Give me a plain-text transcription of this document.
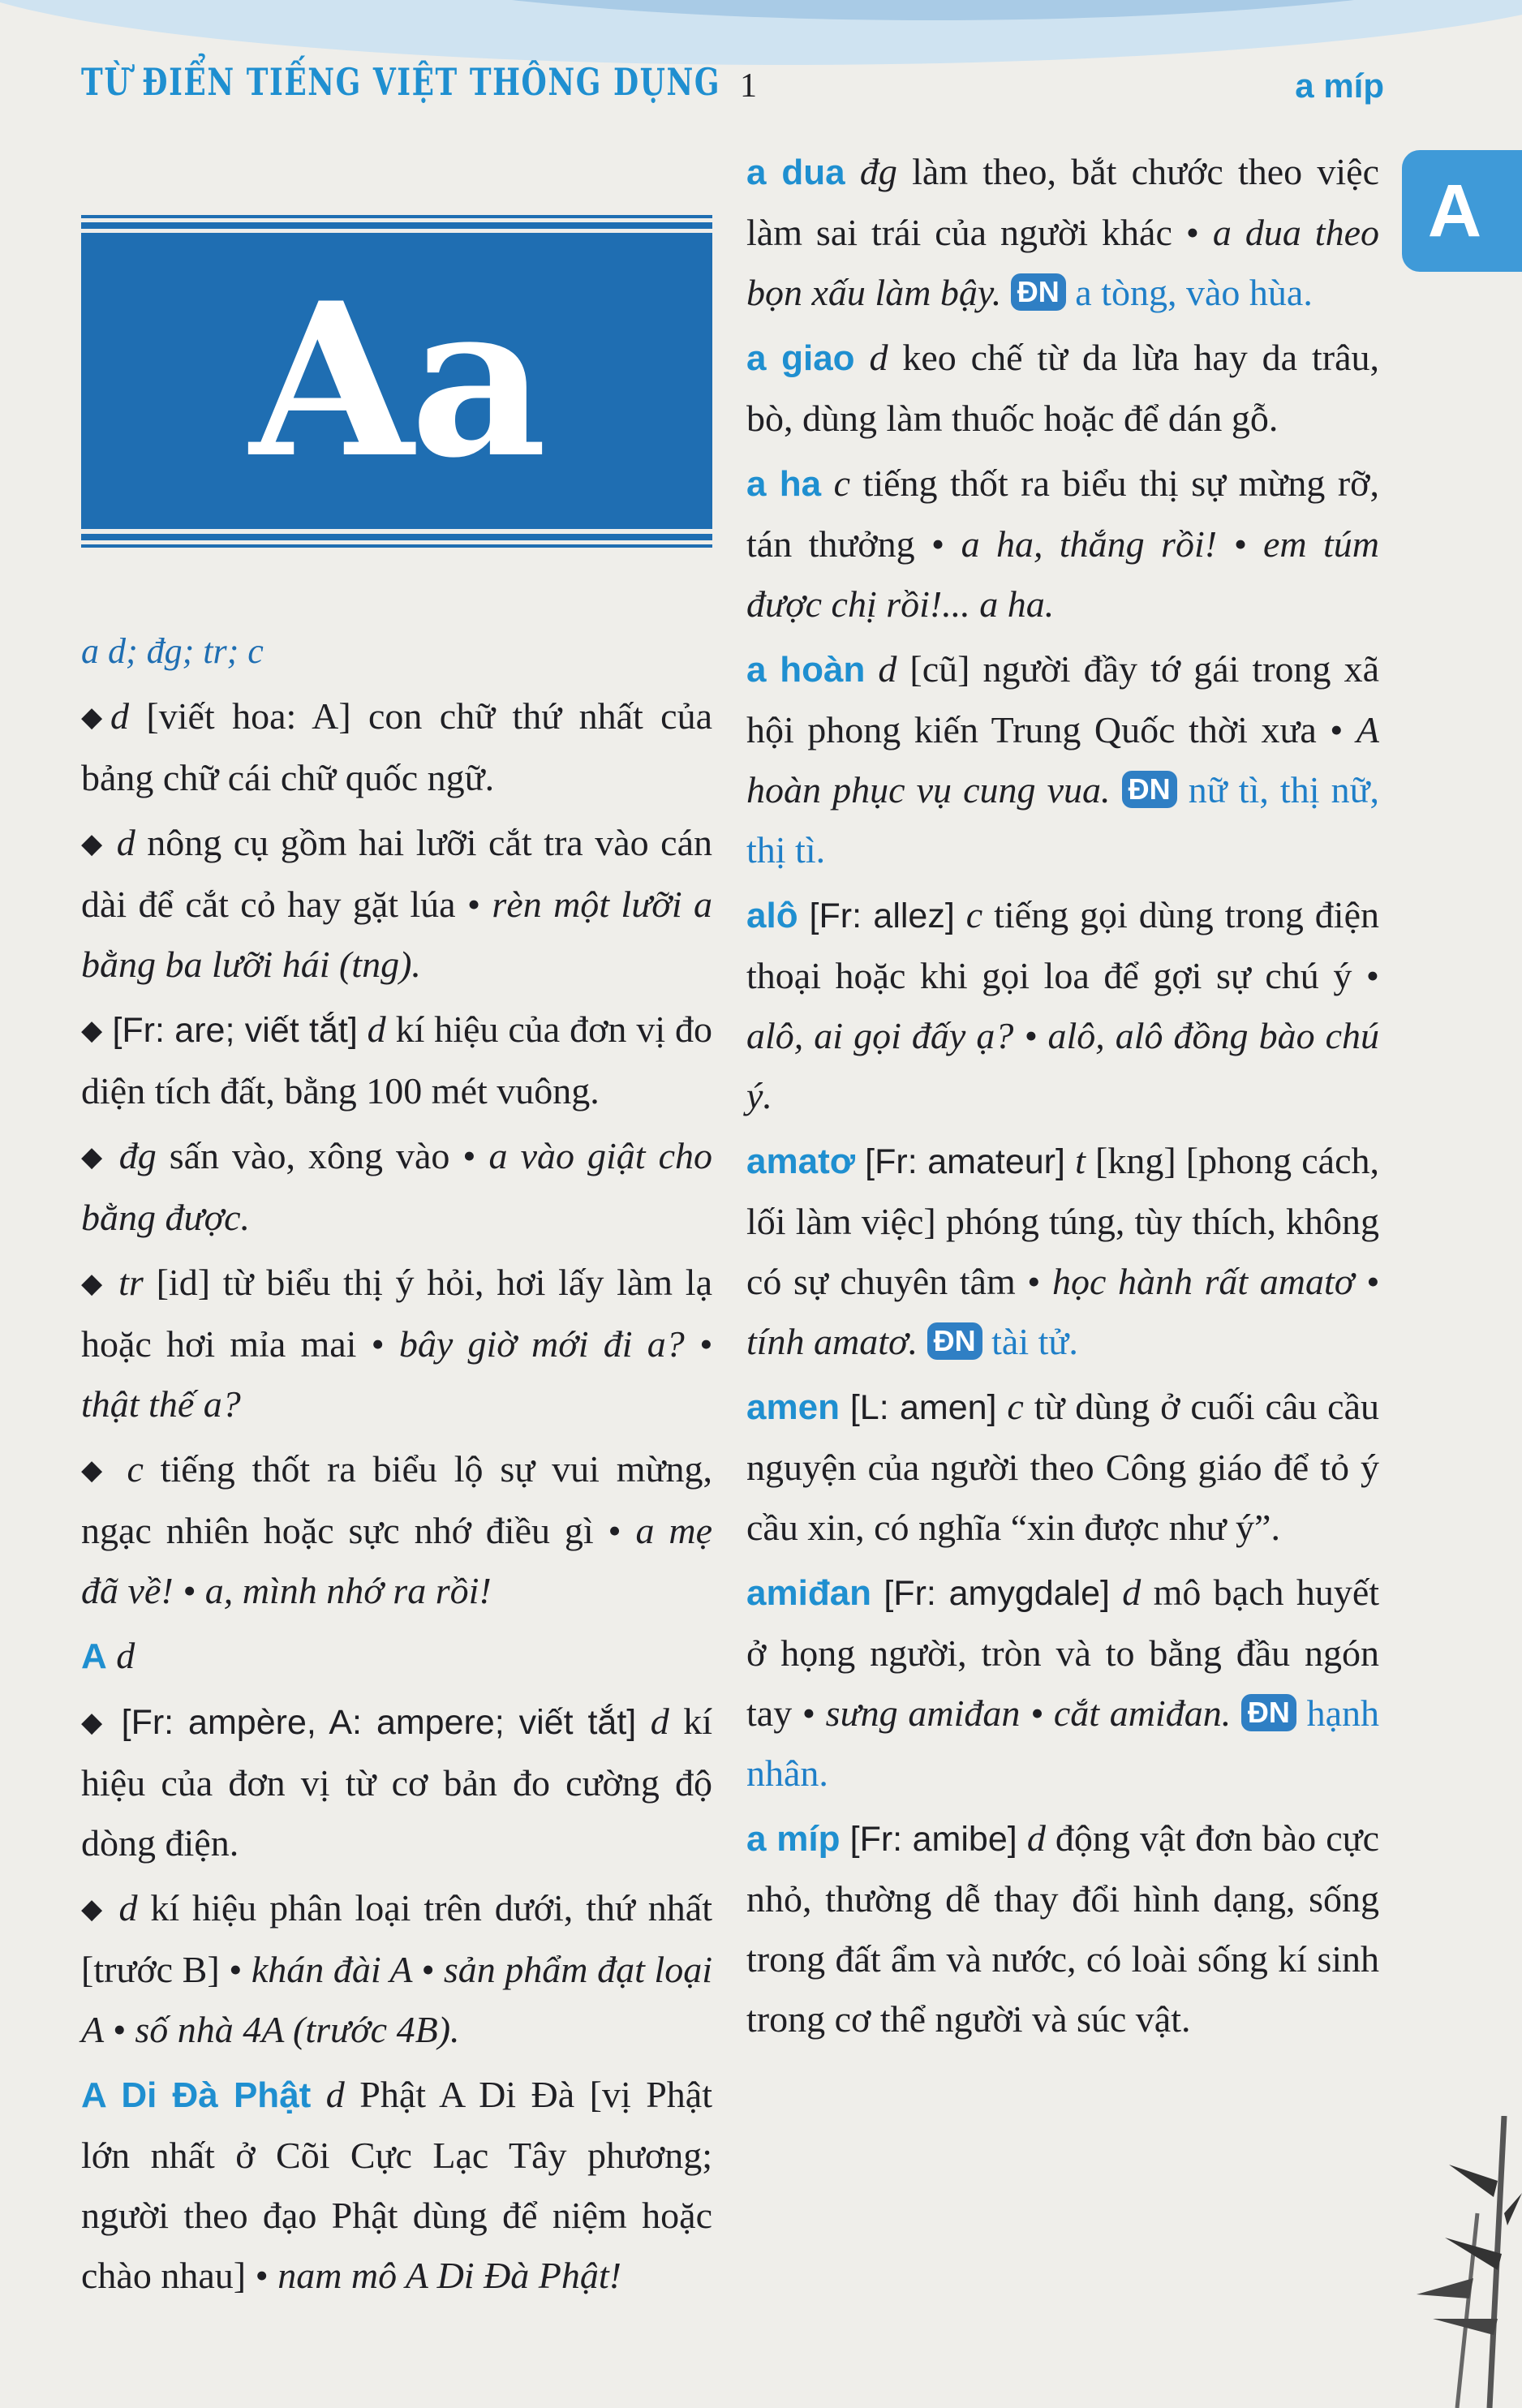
TỪ ĐIỂN TIẾNG VIỆT THÔNG DỤNG 1	a míp
A
Aa
a d; đg; tr; c
◆d [viết hoa: A] con chữ thứ nhất của bảng chữ cái chữ quốc ngữ.
◆ d nông cụ gồm hai lưỡi cắt tra vào cán dài để cắt cỏ hay gặt lúa • rèn một lưỡi a bằng ba lưỡi hái (tng).
◆ [Fr: are; viết tắt] d kí hiệu của đơn vị đo diện tích đất, bằng 100 mét vuông.
◆ đg sấn vào, xông vào • a vào giật cho bằng được.
◆ tr [id] từ biểu thị ý hỏi, hơi lấy làm lạ hoặc hơi mỉa mai • bây giờ mới đi a? • thật thế a?
◆ c tiếng thốt ra biểu lộ sự vui mừng, ngạc nhiên hoặc sực nhớ điều gì • a mẹ đã về! • a, mình nhớ ra rồi!
A d
◆ [Fr: ampère, A: ampere; viết tắt] d kí hiệu của đơn vị từ cơ bản đo cường độ dòng điện.
◆ d kí hiệu phân loại trên dưới, thứ nhất [trước B] • khán đài A • sản phẩm đạt loại A • số nhà 4A (trước 4B).
A Di Đà Phật d Phật A Di Đà [vị Phật lớn nhất ở Cõi Cực Lạc Tây phương; người theo đạo Phật dùng để niệm hoặc chào nhau] • nam mô A Di Đà Phật!
a dua đg làm theo, bắt chước theo việc làm sai trái của người khác • a dua theo bọn xấu làm bậy. ĐN a tòng, vào hùa.
a giao d keo chế từ da lừa hay da trâu, bò, dùng làm thuốc hoặc để dán gỗ.
a ha c tiếng thốt ra biểu thị sự mừng rỡ, tán thưởng • a ha, thắng rồi! • em túm được chị rồi!... a ha.
a hoàn d [cũ] người đầy tớ gái trong xã hội phong kiến Trung Quốc thời xưa • A hoàn phục vụ cung vua. ĐN nữ tì, thị nữ, thị tì.
alô [Fr: allez] c tiếng gọi dùng trong điện thoại hoặc khi gọi loa để gợi sự chú ý • alô, ai gọi đấy ạ? • alô, alô đồng bào chú ý.
amatơ [Fr: amateur] t [kng] [phong cách, lối làm việc] phóng túng, tùy thích, không có sự chuyên tâm • học hành rất amatơ • tính amatơ. ĐN tài tử.
amen [L: amen] c từ dùng ở cuối câu cầu nguyện của người theo Công giáo để tỏ ý cầu xin, có nghĩa “xin được như ý”.
amiđan [Fr: amygdale] d mô bạch huyết ở họng người, tròn và to bằng đầu ngón tay • sưng amiđan • cắt amiđan. ĐN hạnh nhân.
a míp [Fr: amibe] d động vật đơn bào cực nhỏ, thường dễ thay đổi hình dạng, sống trong đất ẩm và nước, có loài sống kí sinh trong cơ thể người và súc vật.
